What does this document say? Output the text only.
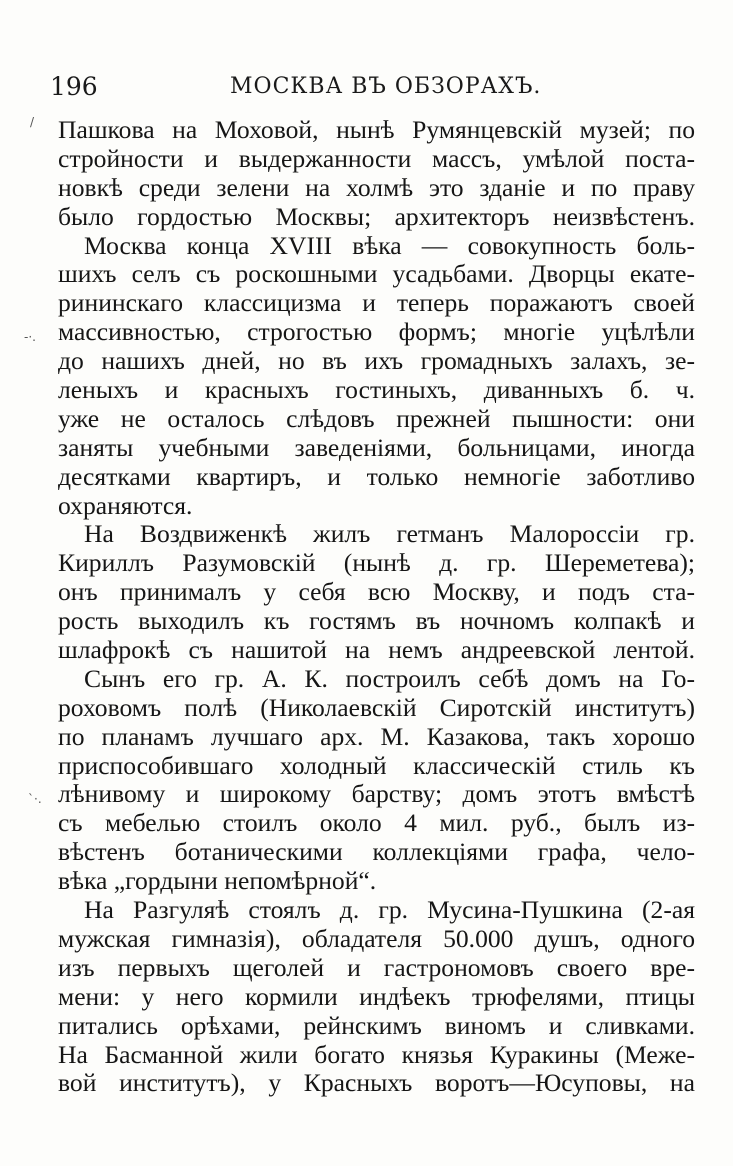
196	МОСКВА ВЪ ОБЗОРАХЪ.
/
-·.
`·.
Пашкова на Моховой, нынѣ Румянцевскій музей; по
стройности и выдержанности массъ, умѣлой поста-
новкѣ среди зелени на холмѣ это зданіе и по праву
было гордостью Москвы; архитекторъ неизвѣстенъ.
Москва конца XVIII вѣка — совокупность боль-
шихъ селъ съ роскошными усадьбами. Дворцы екате-
рининскаго классицизма и теперь поражаютъ своей
массивностью, строгостью формъ; многіе уцѣлѣли
до нашихъ дней, но въ ихъ громадныхъ залахъ, зе-
леныхъ и красныхъ гостиныхъ, диванныхъ б. ч.
уже не осталось слѣдовъ прежней пышности: они
заняты учебными заведеніями, больницами, иногда
десятками квартиръ, и только немногіе заботливо
охраняются.
На Воздвиженкѣ жилъ гетманъ Малороссіи гр.
Кириллъ Разумовскій (нынѣ д. гр. Шереметева);
онъ принималъ у себя всю Москву, и подъ ста-
рость выходилъ къ гостямъ въ ночномъ колпакѣ и
шлафрокѣ съ нашитой на немъ андреевской лентой.
Сынъ его гр. А. К. построилъ себѣ домъ на Го-
роховомъ полѣ (Николаевскій Сиротскій институтъ)
по планамъ лучшаго арх. М. Казакова, такъ хорошо
приспособившаго холодный классическій стиль къ
лѣнивому и широкому барству; домъ этотъ вмѣстѣ
съ мебелью стоилъ около 4 мил. руб., былъ из-
вѣстенъ ботаническими коллекціями графа, чело-
вѣка „гордыни непомѣрной“.
На Разгуляѣ стоялъ д. гр. Мусина-Пушкина (2-ая
мужская гимназія), обладателя 50.000 душъ, одного
изъ первыхъ щеголей и гастрономовъ своего вре-
мени: у него кормили индѣекъ трюфелями, птицы
питались орѣхами, рейнскимъ виномъ и сливками.
На Басманной жили богато князья Куракины (Меже-
вой институтъ), у Красныхъ воротъ—Юсуповы, на
